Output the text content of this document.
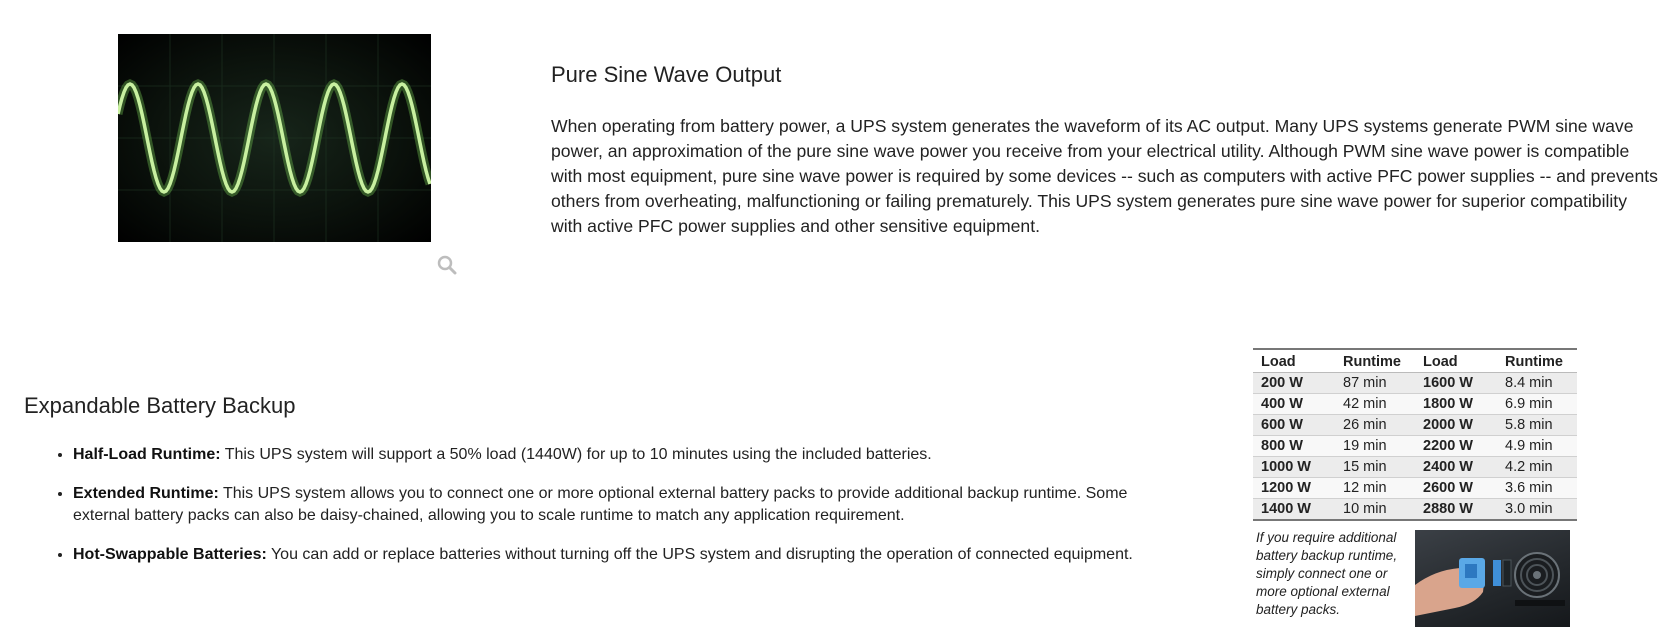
Pure Sine Wave Output

When operating from battery power, a UPS system generates the waveform of its AC output. Many UPS systems generate PWM sine wave power, an approximation of the pure sine wave power you receive from your electrical utility. Although PWM sine wave power is compatible with most equipment, pure sine wave power is required by some devices -- such as computers with active PFC power supplies -- and prevents others from overheating, malfunctioning or failing prematurely. This UPS system generates pure sine wave power for superior compatibility with active PFC power supplies and other sensitive equipment.

Expandable Battery Backup
• Half-Load Runtime: This UPS system will support a 50% load (1440W) for up to 10 minutes using the included batteries.
• Extended Runtime: This UPS system allows you to connect one or more optional external battery packs to provide additional backup runtime. Some external battery packs can also be daisy-chained, allowing you to scale runtime to match any application requirement.
• Hot-Swappable Batteries: You can add or replace batteries without turning off the UPS system and disrupting the operation of connected equipment.
Load	Runtime	Load	Runtime
200 W	87 min	1600 W	8.4 min
400 W	42 min	1800 W	6.9 min
600 W	26 min	2000 W	5.8 min
800 W	19 min	2200 W	4.9 min
1000 W	15 min	2400 W	4.2 min
1200 W	12 min	2600 W	3.6 min
1400 W	10 min	2880 W	3.0 min

If you require additional battery backup runtime, simply connect one or more optional external battery packs.
